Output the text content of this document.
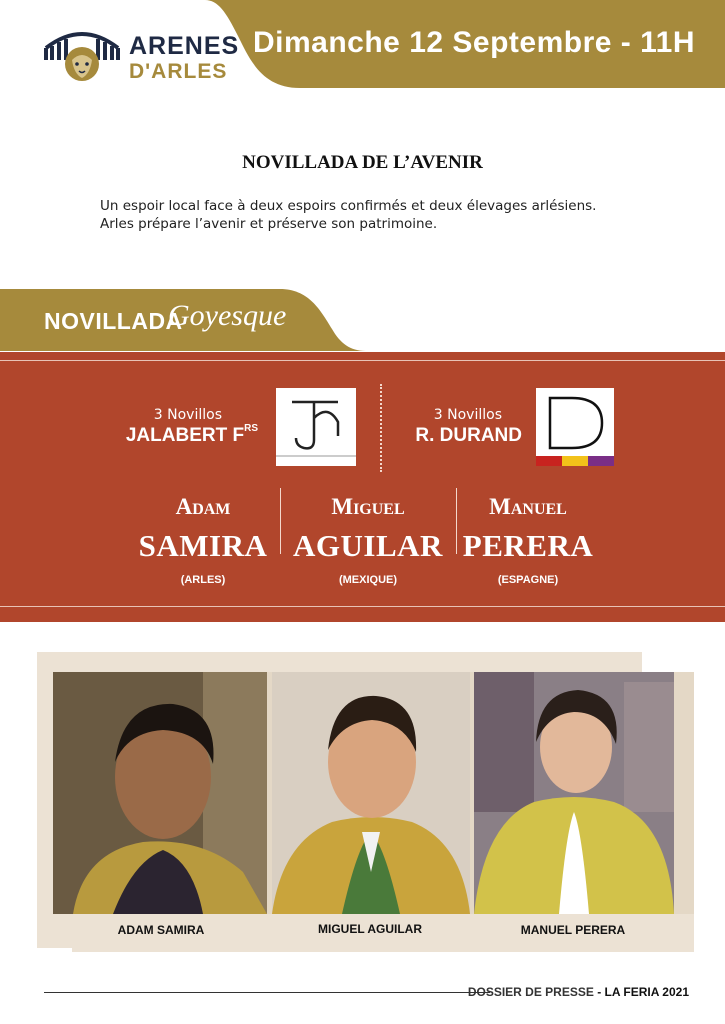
Dimanche 12 Septembre - 11H
ARENES
D'ARLES
NOVILLADA DE L’AVENIR
Un espoir local face à deux espoirs confirmés et deux élevages arlésiens.
Arles prépare l’avenir et préserve son patrimoine.
NOVILLADA
Goyesque
3 Novillos
JALABERT $F^{RS}$
3 Novillos
R. DURAND
Adam
SAMIRA
(ARLES)
Miguel
AGUILAR
(MEXIQUE)
Manuel
PERERA
(ESPAGNE)
ADAM SAMIRA	MIGUEL AGUILAR	MANUEL PERERA
DOSSIER DE PRESSE - LA FERIA 2021
